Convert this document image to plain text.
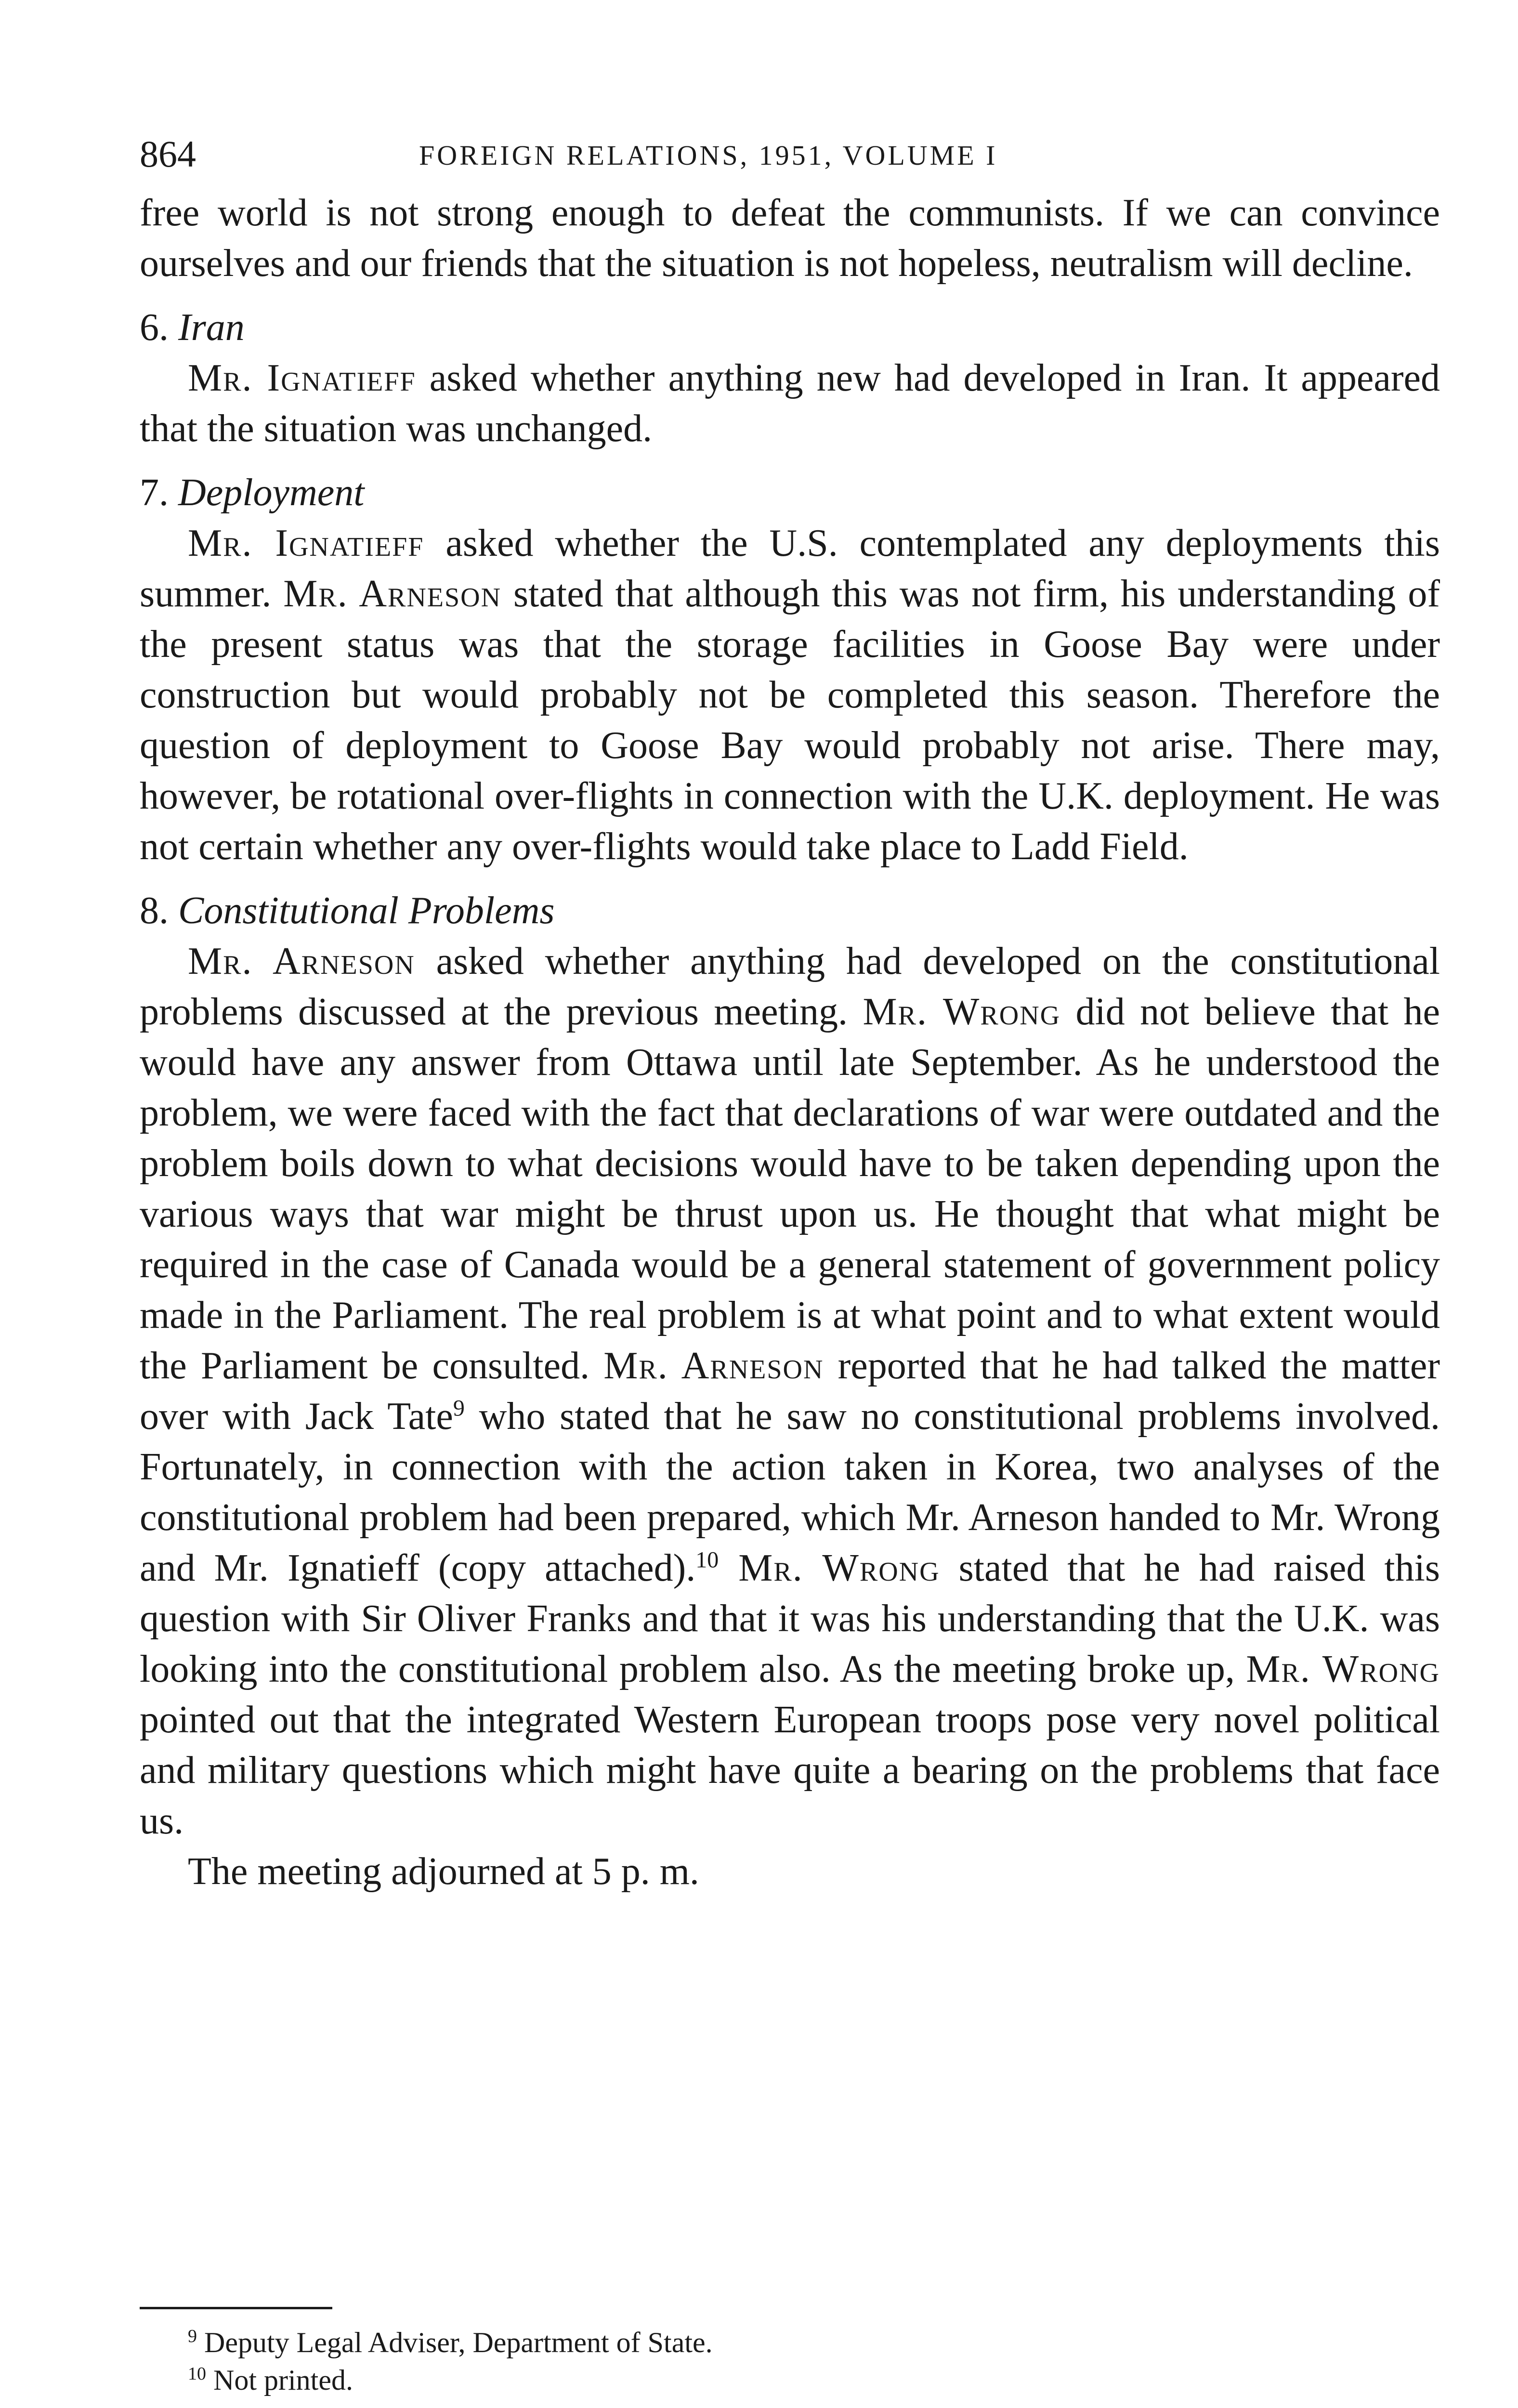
864	FOREIGN RELATIONS, 1951, VOLUME I

free world is not strong enough to defeat the communists. If we can convince ourselves and our friends that the situation is not hopeless, neutralism will decline.

6. Iran

Mr. Ignatieff asked whether anything new had developed in Iran. It appeared that the situation was unchanged.

7. Deployment

Mr. Ignatieff asked whether the U.S. contemplated any deployments this summer. Mr. Arneson stated that although this was not firm, his understanding of the present status was that the storage facilities in Goose Bay were under construction but would probably not be completed this season. Therefore the question of deployment to Goose Bay would probably not arise. There may, however, be rotational over-flights in connection with the U.K. deployment. He was not certain whether any over-flights would take place to Ladd Field.

8. Constitutional Problems

Mr. Arneson asked whether anything had developed on the constitutional problems discussed at the previous meeting. Mr. Wrong did not believe that he would have any answer from Ottawa until late September. As he understood the problem, we were faced with the fact that declarations of war were outdated and the problem boils down to what decisions would have to be taken depending upon the various ways that war might be thrust upon us. He thought that what might be required in the case of Canada would be a general statement of government policy made in the Parliament. The real problem is at what point and to what extent would the Parliament be consulted. Mr. Arneson reported that he had talked the matter over with Jack Tate$^9$ who stated that he saw no constitutional problems involved. Fortunately, in connection with the action taken in Korea, two analyses of the constitutional problem had been prepared, which Mr. Arneson handed to Mr. Wrong and Mr. Ignatieff (copy attached).$^{10}$ Mr. Wrong stated that he had raised this question with Sir Oliver Franks and that it was his understanding that the U.K. was looking into the constitutional problem also. As the meeting broke up, Mr. Wrong pointed out that the integrated Western European troops pose very novel political and military questions which might have quite a bearing on the problems that face us.

The meeting adjourned at 5 p. m.

$^9$ Deputy Legal Adviser, Department of State.

$^{10}$ Not printed.
